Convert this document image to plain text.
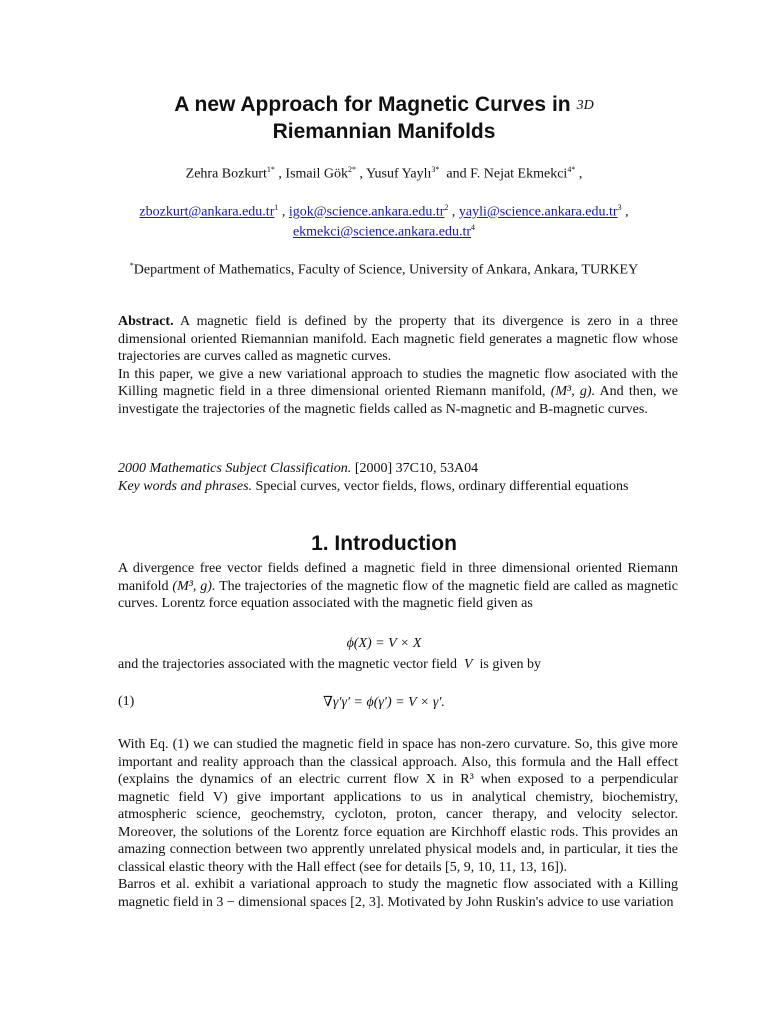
A new Approach for Magnetic Curves in 3D
Riemannian Manifolds
Zehra Bozkurt$^{1*}$ , Ismail Gök$^{2*}$ , Yusuf Yaylı$^{3*}$ and F. Nejat Ekmekci$^{4*}$ ,
$zbozkurt@ankara.edu.tr^1$ , $igok@science.ankara.edu.tr^2$ , $yayli@science.ankara.edu.tr^3$ ,
$ekmekci@science.ankara.edu.tr^4$
*Department of Mathematics, Faculty of Science, University of Ankara, Ankara, TURKEY

Abstract. A magnetic field is defined by the property that its divergence is zero in a three dimensional oriented Riemannian manifold. Each magnetic field generates a magnetic flow whose trajectories are curves called as magnetic curves.

In this paper, we give a new variational approach to studies the magnetic flow asociated with the Killing magnetic field in a three dimensional oriented Riemann manifold, (M³, g). And then, we investigate the trajectories of the magnetic fields called as N-magnetic and B-magnetic curves.

2000 Mathematics Subject Classification. [2000] 37C10, 53A04

Key words and phrases. Special curves, vector fields, flows, ordinary differential equations

1. Introduction

A divergence free vector fields defined a magnetic field in three dimensional oriented Riemann manifold (M³, g). The trajectories of the magnetic flow of the magnetic field are called as magnetic curves. Lorentz force equation associated with the magnetic field given as

ϕ(X) = V × X

and the trajectories associated with the magnetic vector field V is given by

(1)	∇γ′γ′ = ϕ(γ′) = V × γ′.

With Eq. (1) we can studied the magnetic field in space has non-zero curvature. So, this give more important and reality approach than the classical approach. Also, this formula and the Hall effect (explains the dynamics of an electric current flow X in R³ when exposed to a perpendicular magnetic field V) give important applications to us in analytical chemistry, biochemistry, atmospheric science, geochemstry, cycloton, proton, cancer therapy, and velocity selector. Moreover, the solutions of the Lorentz force equation are Kirchhoff elastic rods. This provides an amazing connection between two apprently unrelated physical models and, in particular, it ties the classical elastic theory with the Hall effect (see for details [5, 9, 10, 11, 13, 16]).

Barros et al. exhibit a variational approach to study the magnetic flow associated with a Killing magnetic field in 3 − dimensional spaces [2, 3]. Motivated by John Ruskin's advice to use variation
